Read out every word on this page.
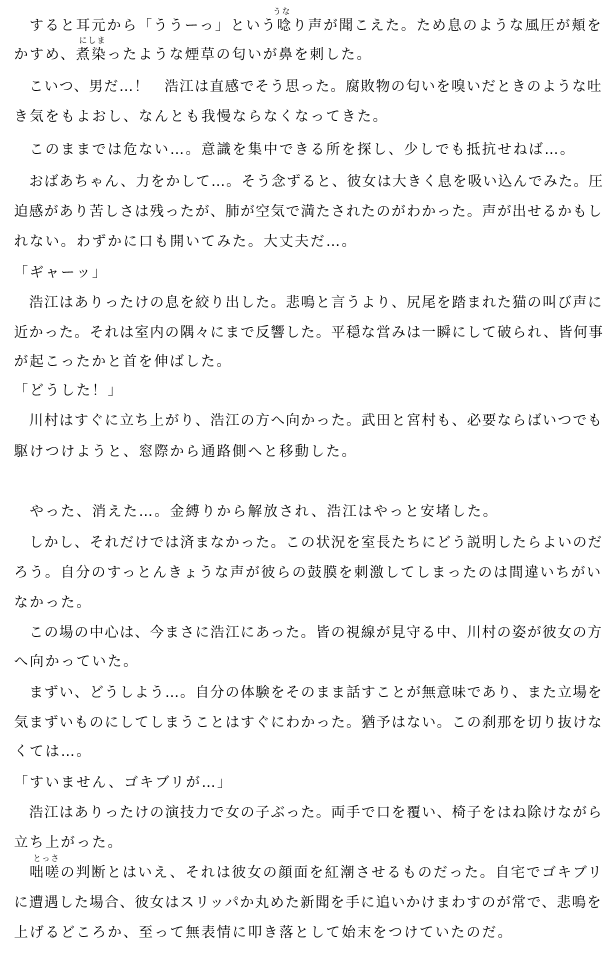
うな
　すると耳元から「ううーっ」という唸り声が聞こえた。ため息のような風圧が頬を
にしま
かすめ、煮染ったような煙草の匂いが鼻を刺した。
　こいつ、男だ…！　浩江は直感でそう思った。腐敗物の匂いを嗅いだときのような吐
き気をもよおし、なんとも我慢ならなくなってきた。
　このままでは危ない…。意識を集中できる所を探し、少しでも抵抗せねば…。
　おばあちゃん、力をかして…。そう念ずると、彼女は大きく息を吸い込んでみた。圧
迫感があり苦しさは残ったが、肺が空気で満たされたのがわかった。声が出せるかもし
れない。わずかに口も開いてみた。大丈夫だ…。
「ギャーッ」
　浩江はありったけの息を絞り出した。悲鳴と言うより、尻尾を踏まれた猫の叫び声に
近かった。それは室内の隅々にまで反響した。平穏な営みは一瞬にして破られ、皆何事
が起こったかと首を伸ばした。
「どうした！」
　川村はすぐに立ち上がり、浩江の方へ向かった。武田と宮村も、必要ならばいつでも
駆けつけようと、窓際から通路側へと移動した。
　やった、消えた…。金縛りから解放され、浩江はやっと安堵した。
　しかし、それだけでは済まなかった。この状況を室長たちにどう説明したらよいのだ
ろう。自分のすっとんきょうな声が彼らの鼓膜を刺激してしまったのは間違いちがい
なかった。
　この場の中心は、今まさに浩江にあった。皆の視線が見守る中、川村の姿が彼女の方
へ向かっていた。
　まずい、どうしよう…。自分の体験をそのまま話すことが無意味であり、また立場を
気まずいものにしてしまうことはすぐにわかった。猶予はない。この刹那を切り抜けな
くては…。
「すいません、ゴキブリが…」
　浩江はありったけの演技力で女の子ぶった。両手で口を覆い、椅子をはね除けながら
立ち上がった。
とっさ
　咄嗟の判断とはいえ、それは彼女の顔面を紅潮させるものだった。自宅でゴキブリ
に遭遇した場合、彼女はスリッパか丸めた新聞を手に追いかけまわすのが常で、悲鳴を
上げるどころか、至って無表情に叩き落として始末をつけていたのだ。
